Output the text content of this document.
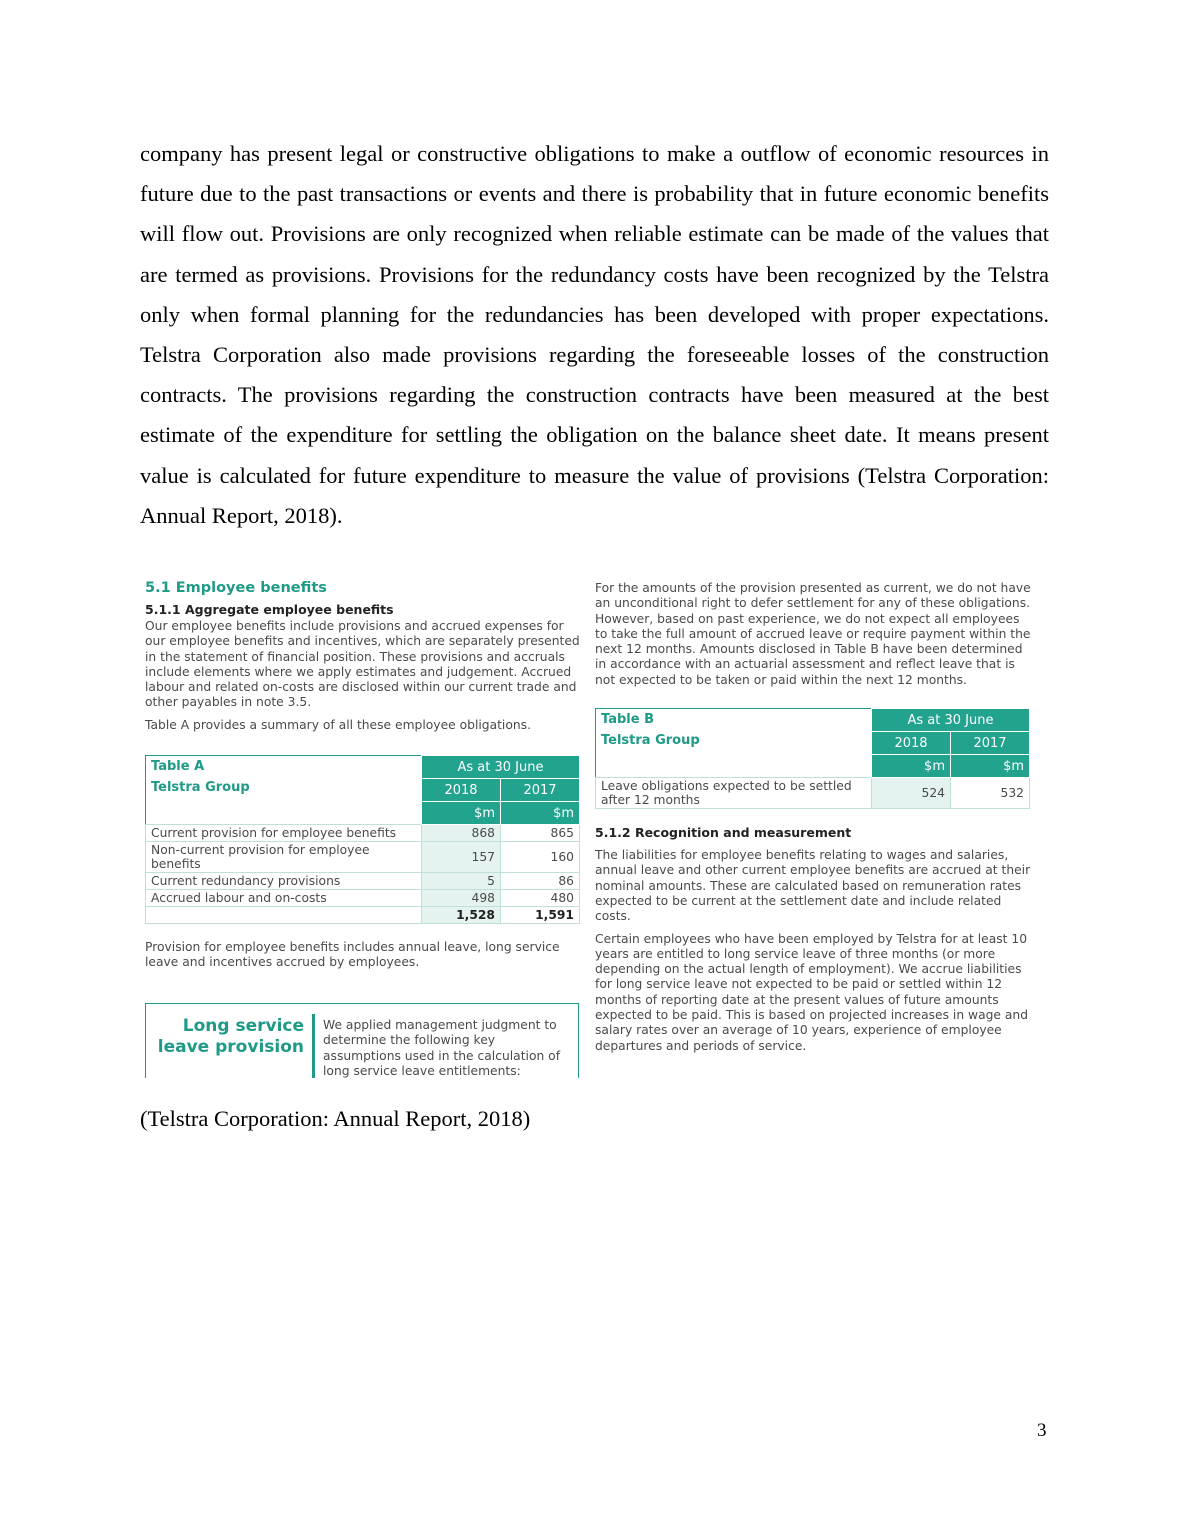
company has present legal or constructive obligations to make a outflow of economic resources in future due to the past transactions or events and there is probability that in future economic benefits will flow out. Provisions are only recognized when reliable estimate can be made of the values that are termed as provisions. Provisions for the redundancy costs have been recognized by the Telstra only when formal planning for the redundancies has been developed with proper expectations. Telstra Corporation also made provisions regarding the foreseeable losses of the construction contracts. The provisions regarding the construction contracts have been measured at the best estimate of the expenditure for settling the obligation on the balance sheet date. It means present value is calculated for future expenditure to measure the value of provisions (Telstra Corporation: Annual Report, 2018).

5.1 Employee benefits
5.1.1 Aggregate employee benefits

Our employee benefits include provisions and accrued expenses for our employee benefits and incentives, which are separately presented in the statement of financial position. These provisions and accruals include elements where we apply estimates and judgement. Accrued labour and related on-costs are disclosed within our current trade and other payables in note 3.5.

Table A provides a summary of all these employee obligations.

Table A
Telstra Group	As at 30 June	
	2018	2017
	$m	$m
Current provision for employee benefits	868	865
Non-current provision for employee benefits	157	160
Current redundancy provisions	5	86
Accrued labour and on-costs	498	480
	1,528	1,591

Provision for employee benefits includes annual leave, long service leave and incentives accrued by employees.

Long service leave provision
We applied management judgment to determine the following key assumptions used in the calculation of long service leave entitlements:

For the amounts of the provision presented as current, we do not have an unconditional right to defer settlement for any of these obligations. However, based on past experience, we do not expect all employees to take the full amount of accrued leave or require payment within the next 12 months. Amounts disclosed in Table B have been determined in accordance with an actuarial assessment and reflect leave that is not expected to be taken or paid within the next 12 months.

Table B
Telstra Group	As at 30 June	
	2018	2017
	$m	$m
Leave obligations expected to be settled after 12 months	524	532
5.1.2 Recognition and measurement

The liabilities for employee benefits relating to wages and salaries, annual leave and other current employee benefits are accrued at their nominal amounts. These are calculated based on remuneration rates expected to be current at the settlement date and include related costs.

Certain employees who have been employed by Telstra for at least 10 years are entitled to long service leave of three months (or more depending on the actual length of employment). We accrue liabilities for long service leave not expected to be paid or settled within 12 months of reporting date at the present values of future amounts expected to be paid. This is based on projected increases in wage and salary rates over an average of 10 years, experience of employee departures and periods of service.

(Telstra Corporation: Annual Report, 2018)

3
